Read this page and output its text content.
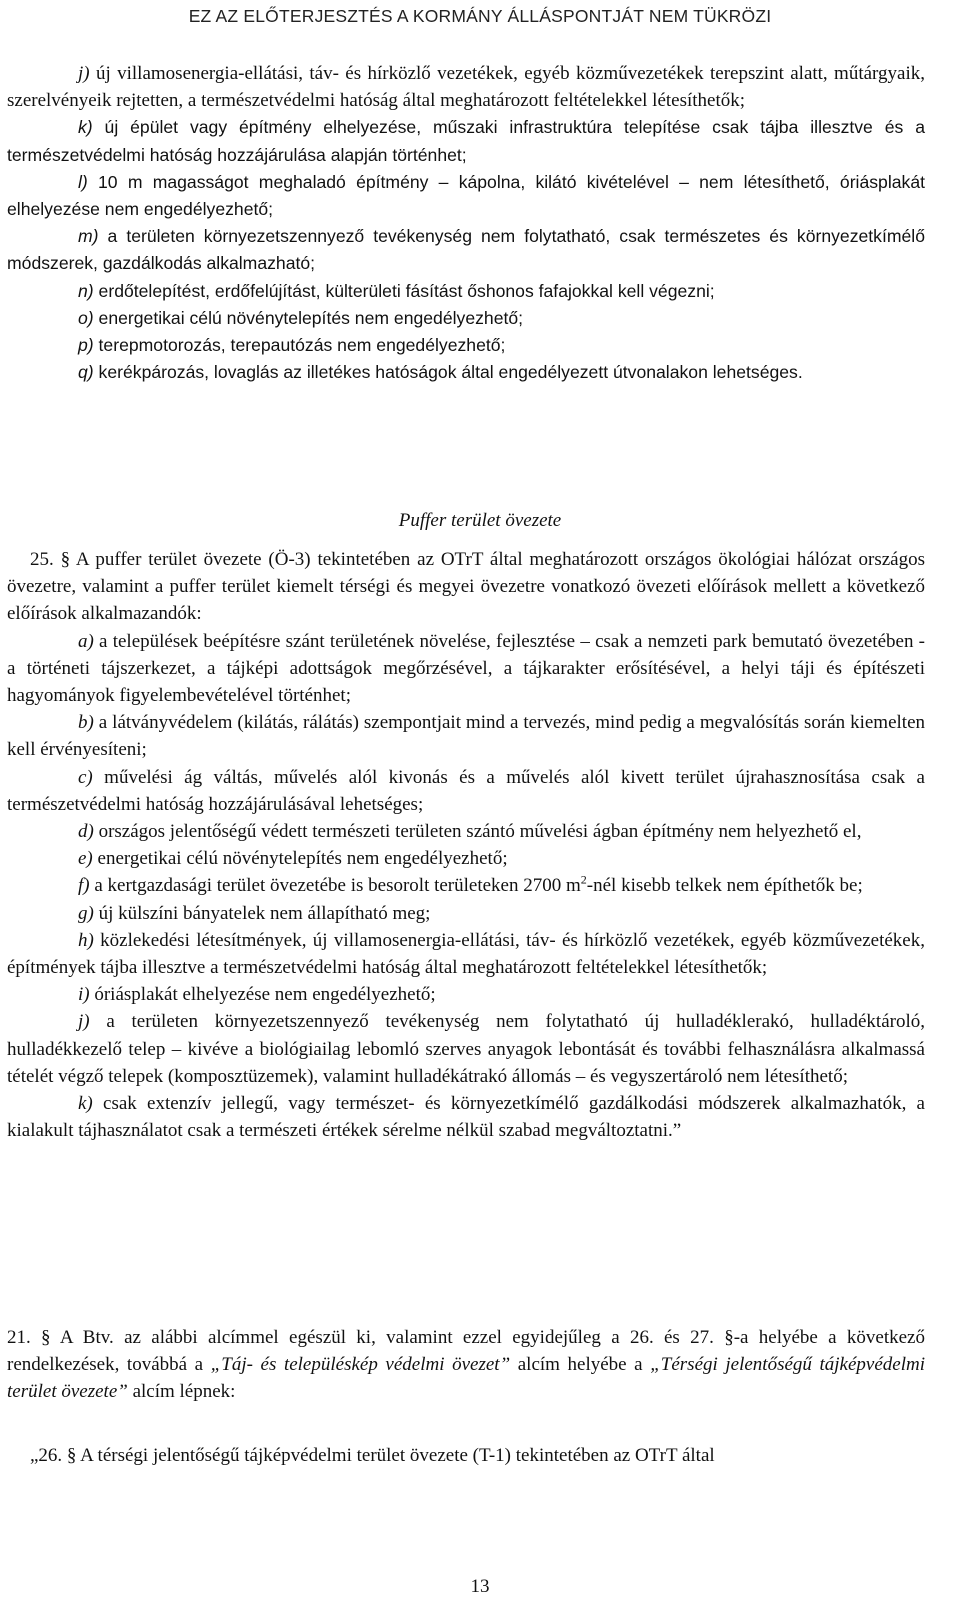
EZ AZ ELŐTERJESZTÉS A KORMÁNY ÁLLÁSPONTJÁT NEM TÜKRÖZI

j) új villamosenergia-ellátási, táv- és hírközlő vezetékek, egyéb közművezetékek terepszint alatt, műtárgyaik, szerelvényeik rejtetten, a természetvédelmi hatóság által meghatározott feltételekkel létesíthetők;

k) új épület vagy építmény elhelyezése, műszaki infrastruktúra telepítése csak tájba illesztve és a természetvédelmi hatóság hozzájárulása alapján történhet;

l) 10 m magasságot meghaladó építmény – kápolna, kilátó kivételével – nem létesíthető, óriásplakát elhelyezése nem engedélyezhető;

m) a területen környezetszennyező tevékenység nem folytatható, csak természetes és környezetkímélő módszerek, gazdálkodás alkalmazható;

n) erdőtelepítést, erdőfelújítást, külterületi fásítást őshonos fafajokkal kell végezni;

o) energetikai célú növénytelepítés nem engedélyezhető;

p) terepmotorozás, terepautózás nem engedélyezhető;

q) kerékpározás, lovaglás az illetékes hatóságok által engedélyezett útvonalakon lehetséges.

Puffer terület övezete

25. § A puffer terület övezete (Ö-3) tekintetében az OTrT által meghatározott országos ökológiai hálózat országos övezetre, valamint a puffer terület kiemelt térségi és megyei övezetre vonatkozó övezeti előírások mellett a következő előírások alkalmazandók:

a) a települések beépítésre szánt területének növelése, fejlesztése – csak a nemzeti park bemutató övezetében - a történeti tájszerkezet, a tájképi adottságok megőrzésével, a tájkarakter erősítésével, a helyi táji és építészeti hagyományok figyelembevételével történhet;

b) a látványvédelem (kilátás, rálátás) szempontjait mind a tervezés, mind pedig a megvalósítás során kiemelten kell érvényesíteni;

c) művelési ág váltás, művelés alól kivonás és a művelés alól kivett terület újrahasznosítása csak a természetvédelmi hatóság hozzájárulásával lehetséges;

d) országos jelentőségű védett természeti területen szántó művelési ágban építmény nem helyezhető el,

e) energetikai célú növénytelepítés nem engedélyezhető;

f) a kertgazdasági terület övezetébe is besorolt területeken 2700 $m^2$-nél kisebb telkek nem építhetők be;

g) új külszíni bányatelek nem állapítható meg;

h) közlekedési létesítmények, új villamosenergia-ellátási, táv- és hírközlő vezetékek, egyéb közművezetékek, építmények tájba illesztve a természetvédelmi hatóság által meghatározott feltételekkel létesíthetők;

i) óriásplakát elhelyezése nem engedélyezhető;

j) a területen környezetszennyező tevékenység nem folytatható új hulladéklerakó, hulladéktároló, hulladékkezelő telep – kivéve a biológiailag lebomló szerves anyagok lebontását és további felhasználásra alkalmassá tételét végző telepek (komposztüzemek), valamint hulladékátrakó állomás – és vegyszertároló nem létesíthető;

k) csak extenzív jellegű, vagy természet- és környezetkímélő gazdálkodási módszerek alkalmazhatók, a kialakult tájhasználatot csak a természeti értékek sérelme nélkül szabad megváltoztatni.”

21. § A Btv. az alábbi alcímmel egészül ki, valamint ezzel egyidejűleg a 26. és 27. §-a helyébe a következő rendelkezések, továbbá a „Táj- és településkép védelmi övezet” alcím helyébe a „Térségi jelentőségű tájképvédelmi terület övezete” alcím lépnek:
„26. § A térségi jelentőségű tájképvédelmi terület övezete (T-1) tekintetében az OTrT által
13
